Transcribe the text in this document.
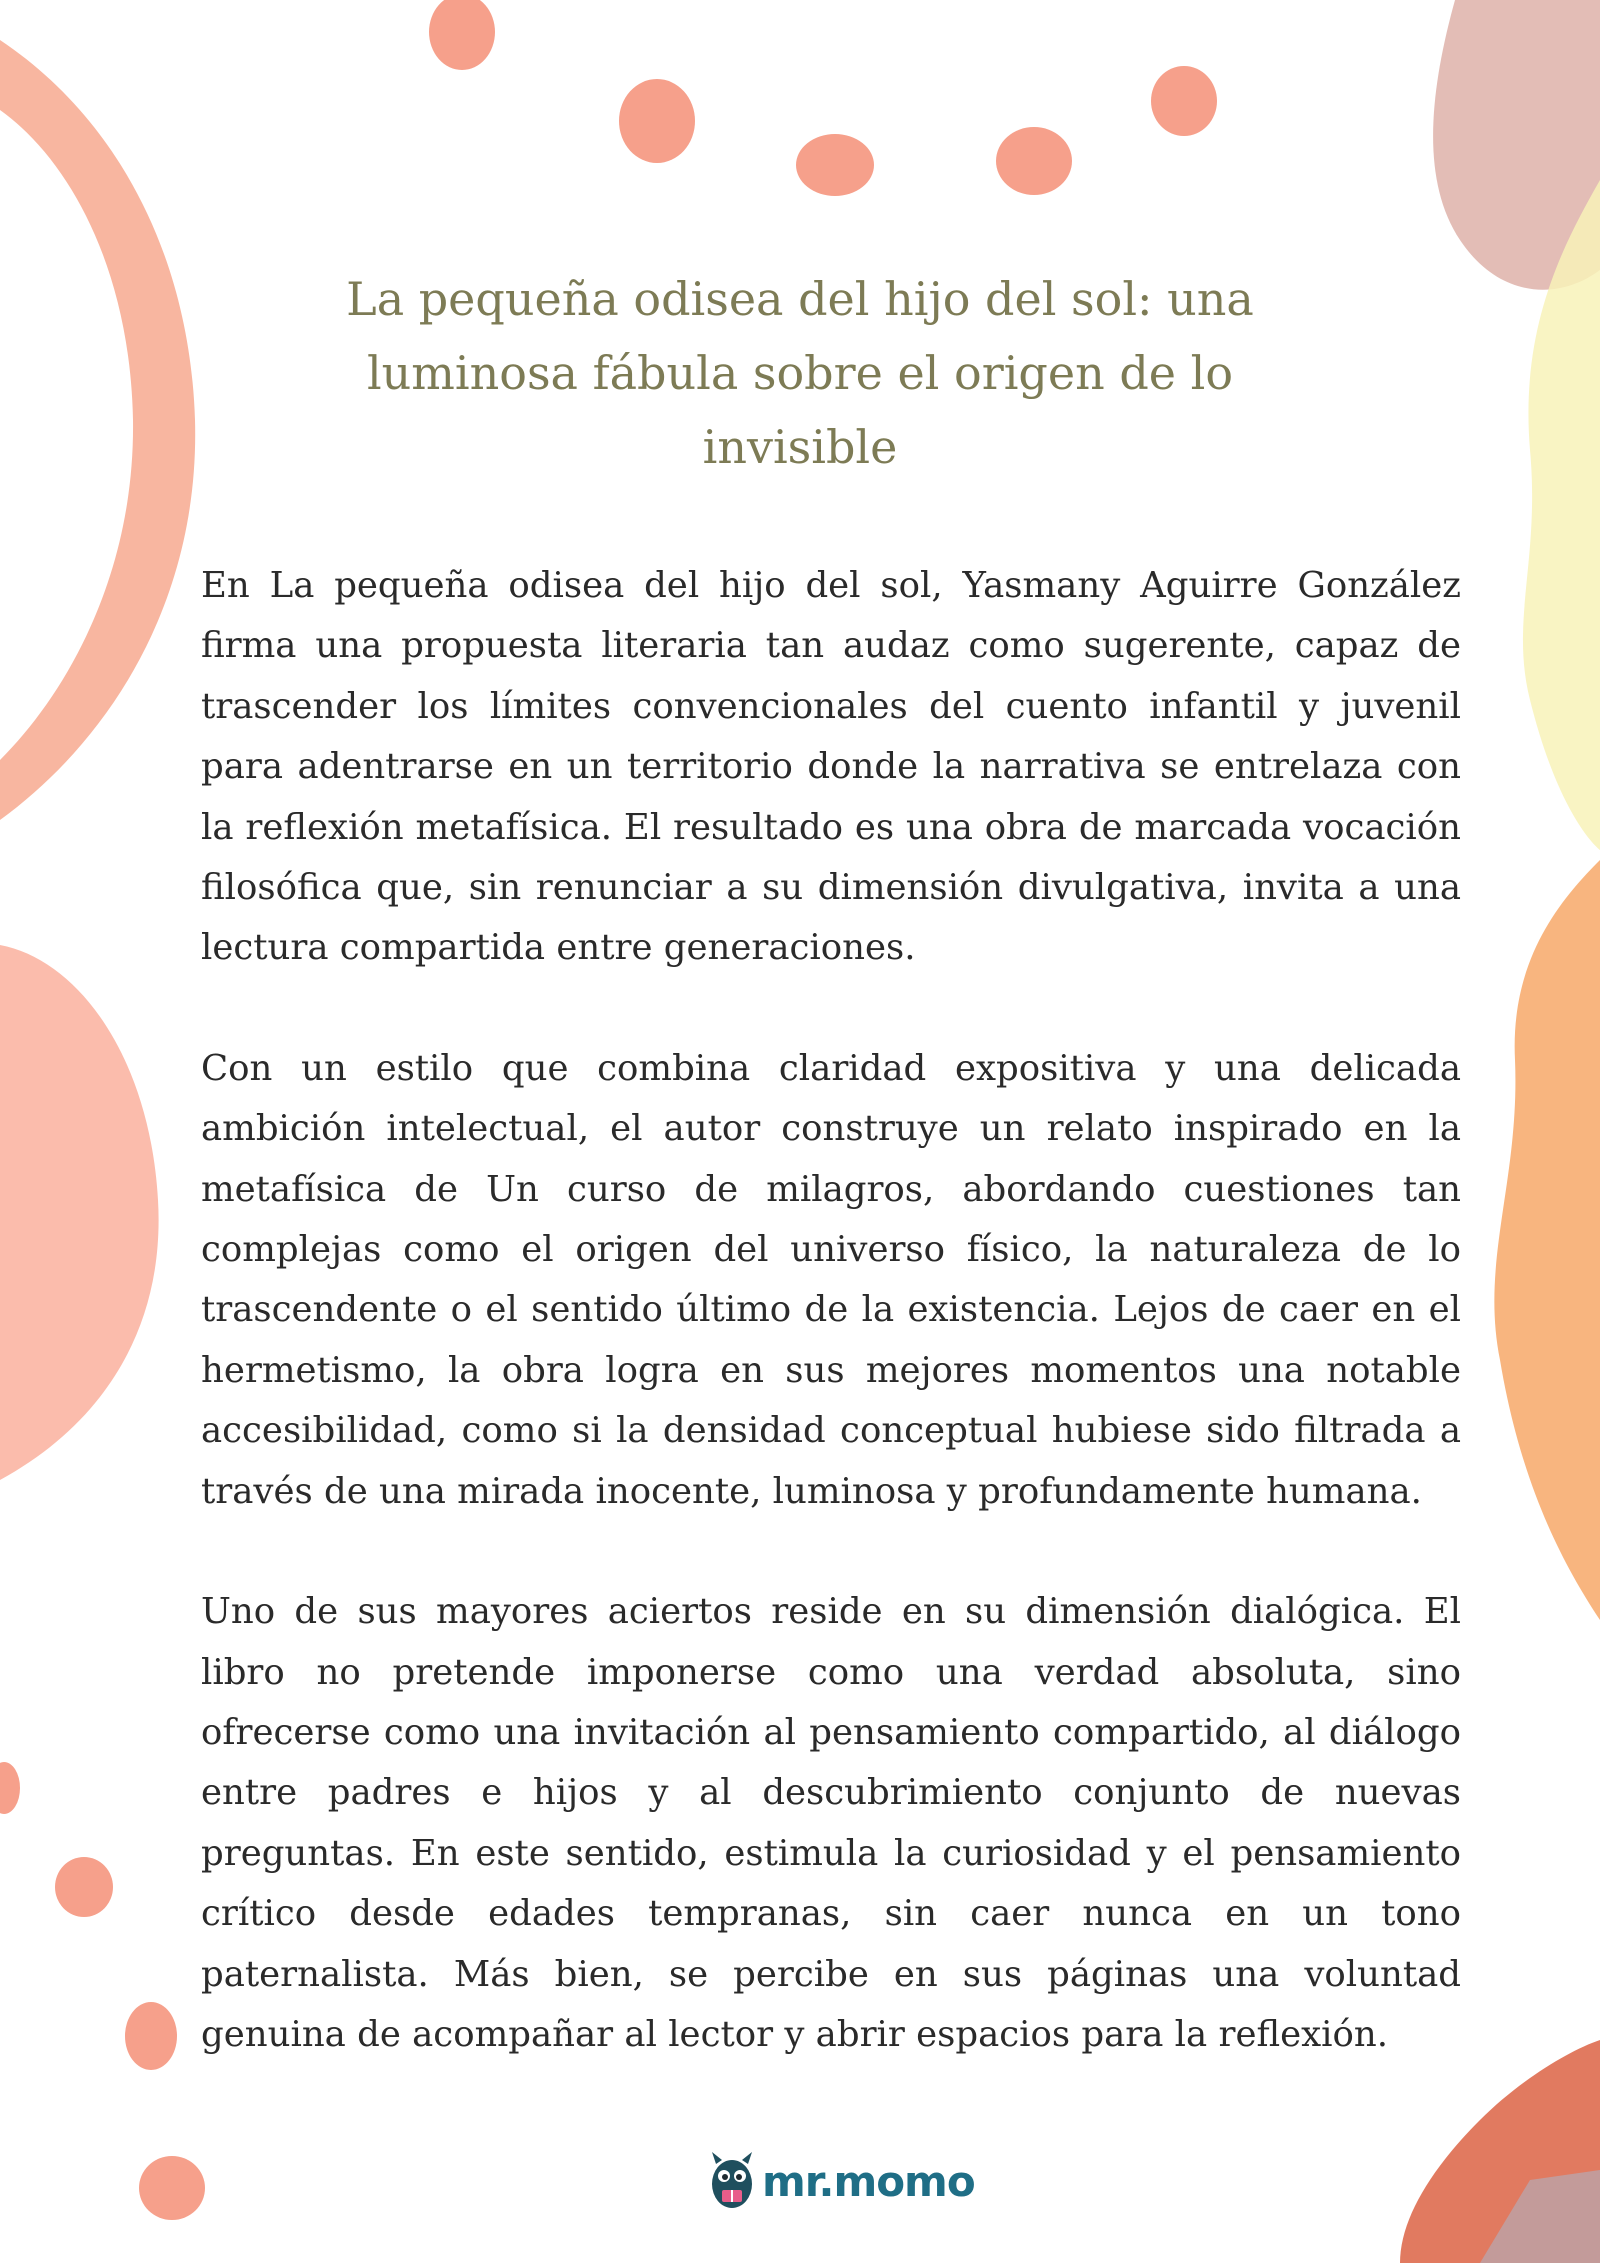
La pequeña odisea del hijo del sol: una luminosa fábula sobre el origen de lo invisible

En La pequeña odisea del hijo del sol, Yasmany Aguirre González firma una propuesta literaria tan audaz como sugerente, capaz de trascender los límites convencionales del cuento infantil y juvenil para adentrarse en un territorio donde la narrativa se entrelaza con la reflexión metafísica. El resultado es una obra de marcada vocación filosófica que, sin renunciar a su dimensión divulgativa, invita a una lectura compartida entre generaciones.

Con un estilo que combina claridad expositiva y una delicada ambición intelectual, el autor construye un relato inspirado en la metafísica de Un curso de milagros, abordando cuestiones tan complejas como el origen del universo físico, la naturaleza de lo trascendente o el sentido último de la existencia. Lejos de caer en el hermetismo, la obra logra en sus mejores momentos una notable accesibilidad, como si la densidad conceptual hubiese sido filtrada a través de una mirada inocente, luminosa y profundamente humana.

Uno de sus mayores aciertos reside en su dimensión dialógica. El libro no pretende imponerse como una verdad absoluta, sino ofrecerse como una invitación al pensamiento compartido, al diálogo entre padres e hijos y al descubrimiento conjunto de nuevas preguntas. En este sentido, estimula la curiosidad y el pensamiento crítico desde edades tempranas, sin caer nunca en un tono paternalista. Más bien, se percibe en sus páginas una voluntad genuina de acompañar al lector y abrir espacios para la reflexión.

mr.momo
